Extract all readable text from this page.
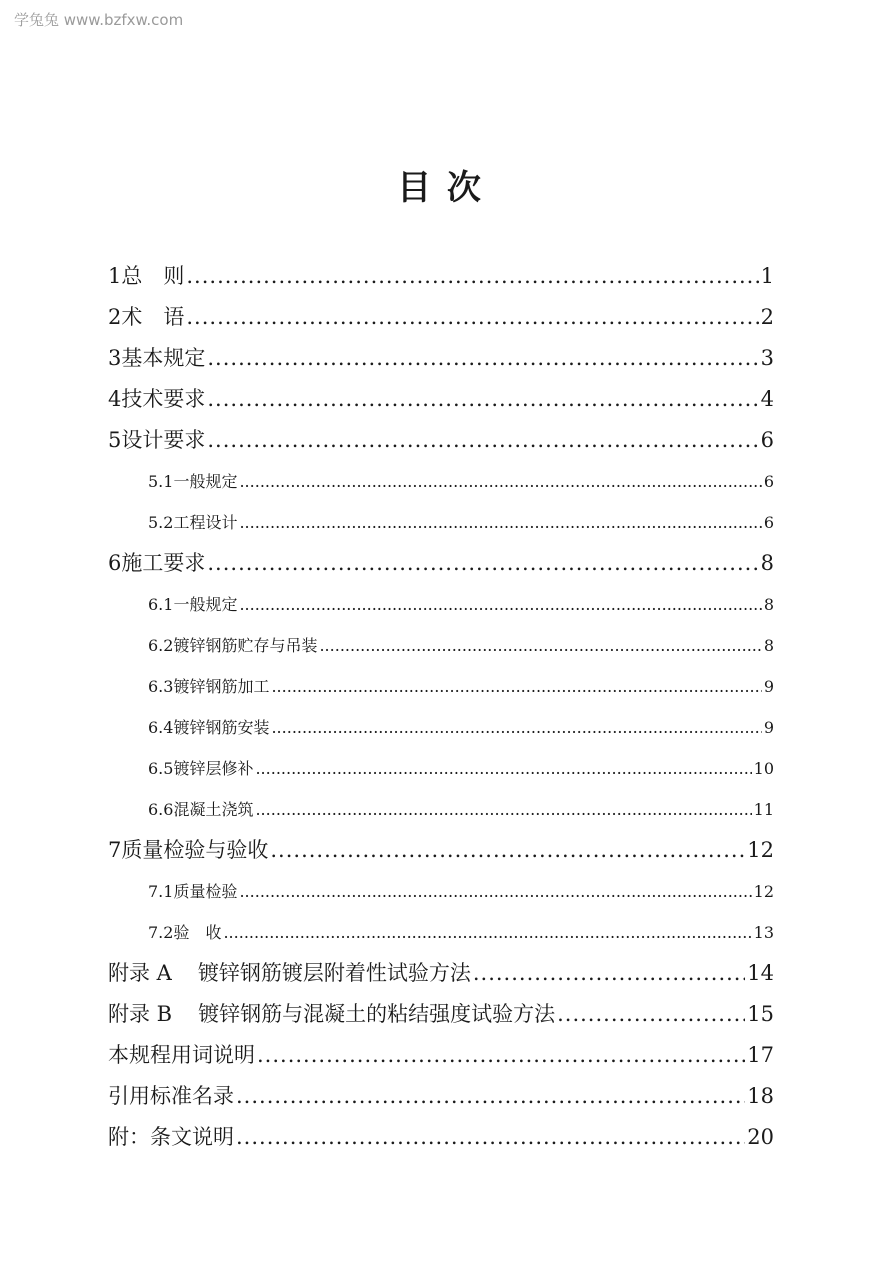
学兔兔 www.bzfxw.com
目 次
1 总　则 .....	1
2 术　语 .....	2
3 基本规定 .....	3
4 技术要求 .....	4
5 设计要求 .....	6
5.1 一般规定 .....	6
5.2 工程设计 .....	6
6 施工要求 .....	8
6.1 一般规定 .....	8
6.2 镀锌钢筋贮存与吊装 .....	8
6.3 镀锌钢筋加工 .....	9
6.4 镀锌钢筋安装 .....	9
6.5 镀锌层修补 .....	10
6.6 混凝土浇筑 .....	11
7 质量检验与验收 .....	12
7.1 质量检验 .....	12
7.2 验　收 .....	13
附录 A 镀锌钢筋镀层附着性试验方法 .....	14
附录 B 镀锌钢筋与混凝土的粘结强度试验方法 .....	15
本规程用词说明 .....	17
引用标准名录 .....	18
附：条文说明 .....	20
